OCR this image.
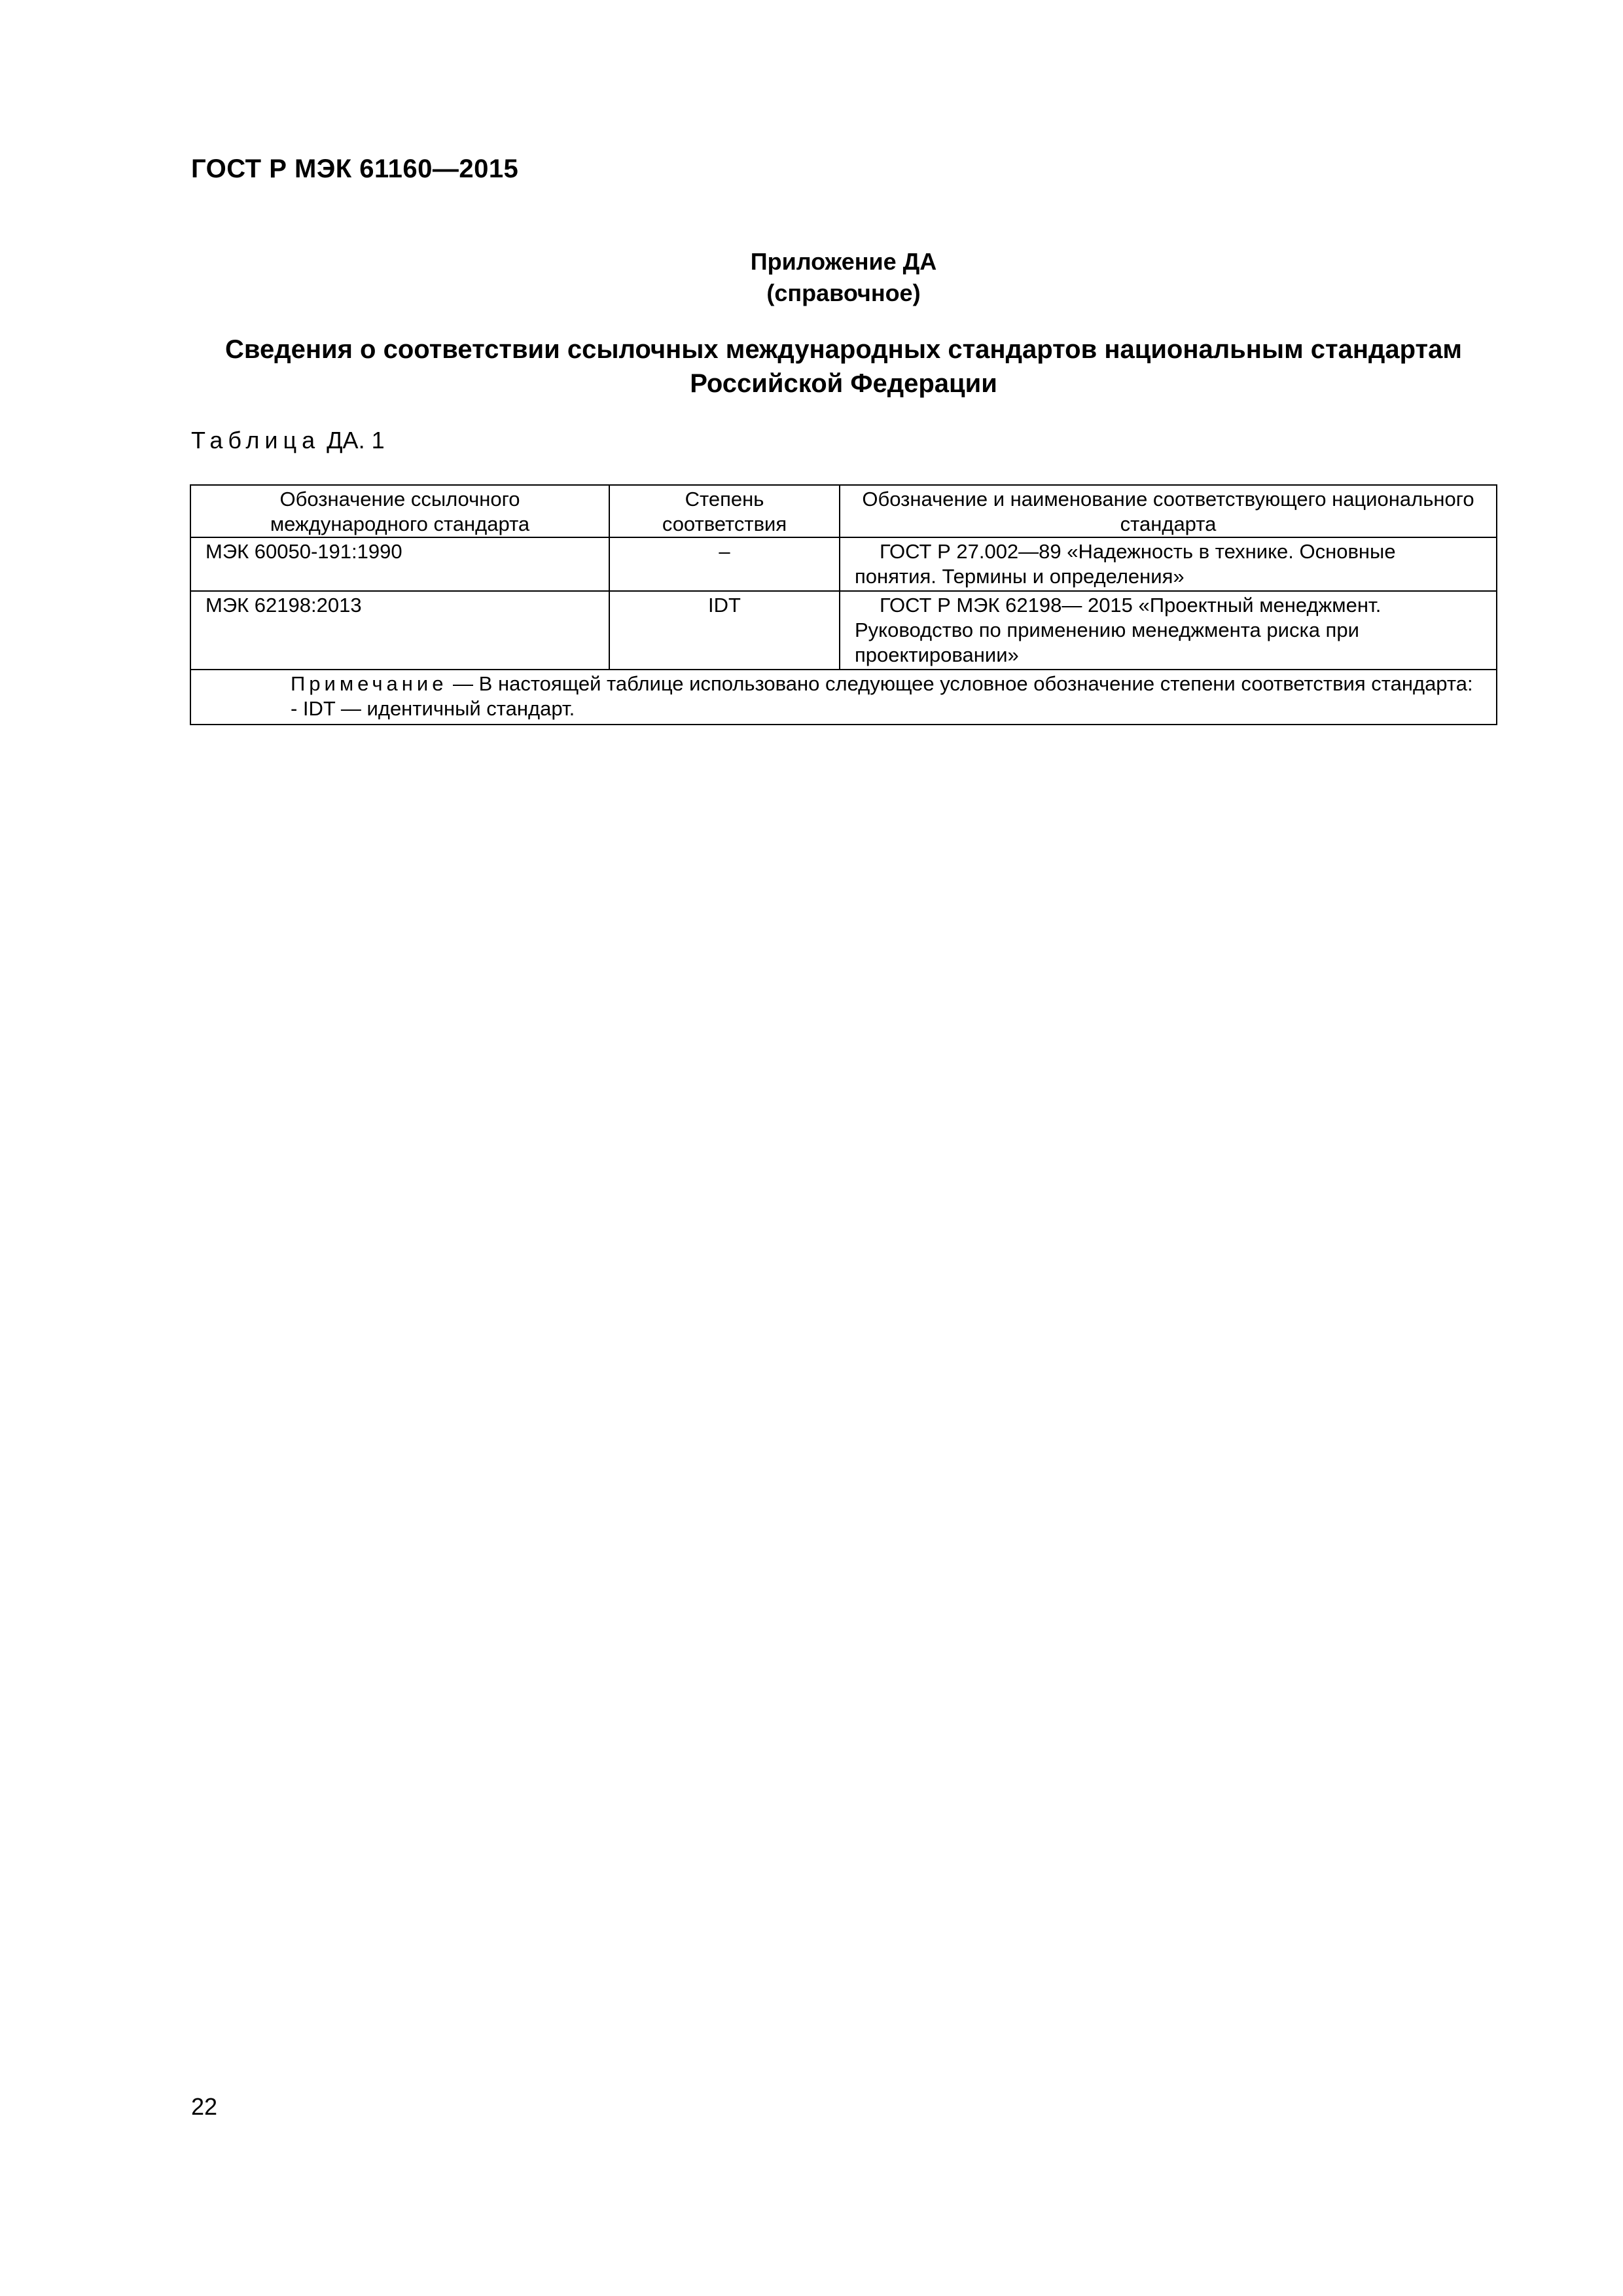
ГОСТ Р МЭК 61160—2015
Приложение ДА
(справочное)
Сведения о соответствии ссылочных международных стандартов национальным стандартам
Российской Федерации
Таблица ДА. 1
Обозначение ссылочного международного стандарта	Степень соответствия	Обозначение и наименование соответствующего национального стандарта
МЭК 60050-191:1990	–	ГОСТ Р 27.002—89 «Надежность в технике. Основные понятия. Термины и определения»
МЭК 62198:2013	IDT	ГОСТ Р МЭК 62198— 2015 «Проектный менеджмент. Руководство по применению менеджмента риска при проектировании»

Примечание — В настоящей таблице использовано следующее условное обозначение степени соответствия стандарта:
- IDT — идентичный стандарт.		
22
